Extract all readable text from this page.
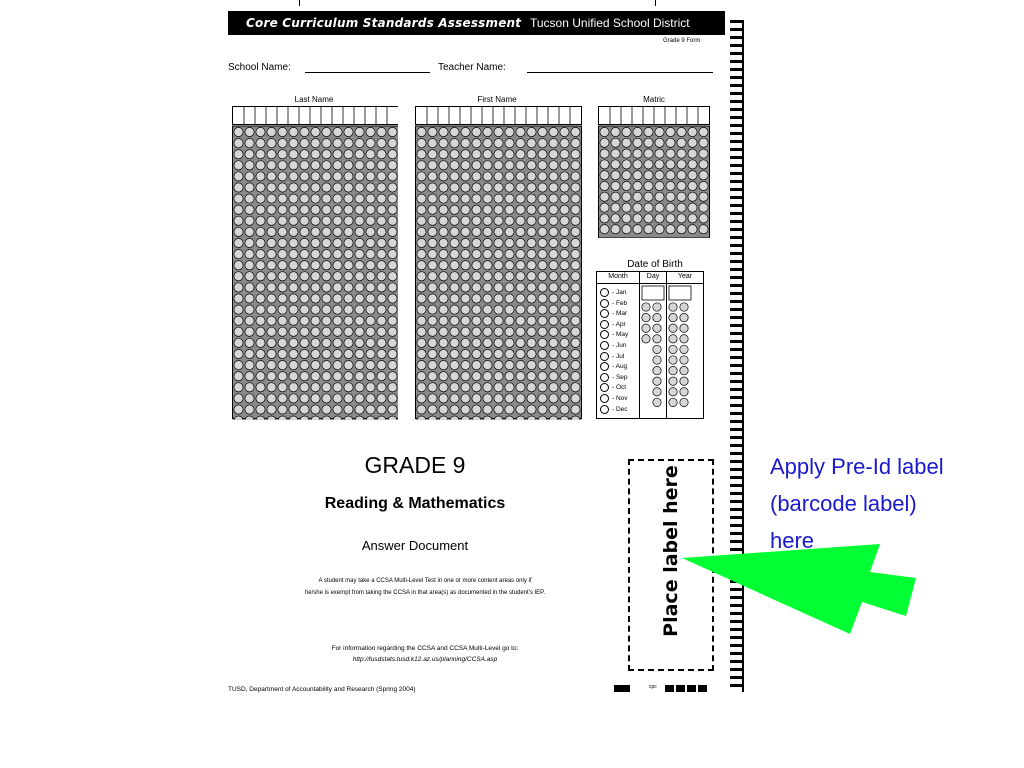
Core Curriculum Standards Assessment Tucson Unified School District
Grade 9 Form
School Name:	Teacher Name:
Last Name	First Name	Matric
Date of Birth
Month	Day	Year
- Jan
- Feb
- Mar
- Apr
- May
- Jun
- Jul
- Aug
- Sep
- Oct
- Nov
- Dec
GRADE 9
Reading & Mathematics
Answer Document
A student may take a CCSA Multi-Level Test in one or more content areas only if
he/she is exempt from taking the CCSA in that area(s) as documented in the student's IEP.
For information regarding the CCSA and CCSA Multi-Level go to:
http://tusdstats.tusd.k12.az.us/planning/CCSA.asp
TUSD, Department of Accountability and Research (Spring 2004)	cpc
Place label here	Apply Pre-Id label
(barcode label)
here
